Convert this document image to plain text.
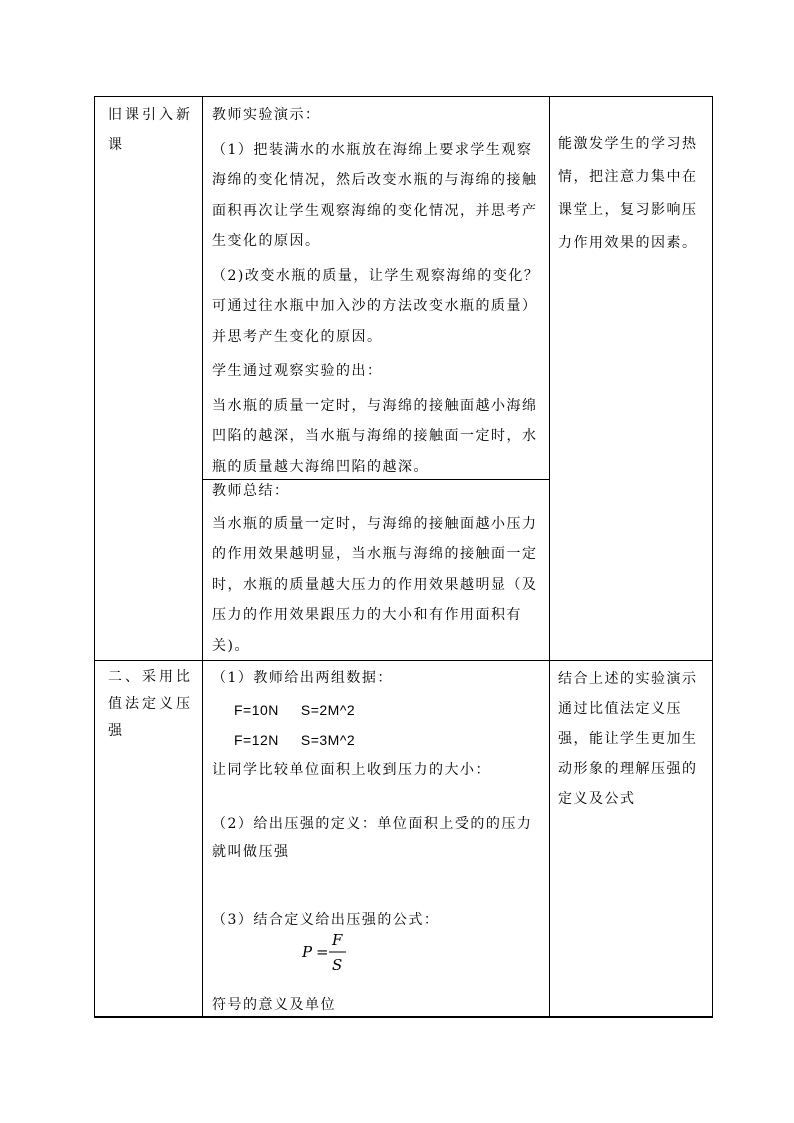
旧课引入新课

教师实验演示：

（1）把装满水的水瓶放在海绵上要求学生观察海绵的变化情况，然后改变水瓶的与海绵的接触面积再次让学生观察海绵的变化情况，并思考产生变化的原因。

（2)改变水瓶的质量，让学生观察海绵的变化？可通过往水瓶中加入沙的方法改变水瓶的质量）并思考产生变化的原因。

学生通过观察实验的出：

当水瓶的质量一定时，与海绵的接触面越小海绵凹陷的越深，当水瓶与海绵的接触面一定时，水瓶的质量越大海绵凹陷的越深。

教师总结：

当水瓶的质量一定时，与海绵的接触面越小压力的作用效果越明显，当水瓶与海绵的接触面一定时，水瓶的质量越大压力的作用效果越明显（及压力的作用效果跟压力的大小和有作用面积有关)。

能激发学生的学习热情，把注意力集中在课堂上，复习影响压力作用效果的因素。

二、采用比值法定义压强

（1）教师给出两组数据：

F=10N     S=2M^2

F=12N     S=3M^2

让同学比较单位面积上收到压力的大小：

（2）给出压强的定义：单位面积上受的的压力就叫做压强

（3）结合定义给出压强的公式：

P =
F
S

符号的意义及单位

结合上述的实验演示通过比值法定义压强，能让学生更加生动形象的理解压强的定义及公式
